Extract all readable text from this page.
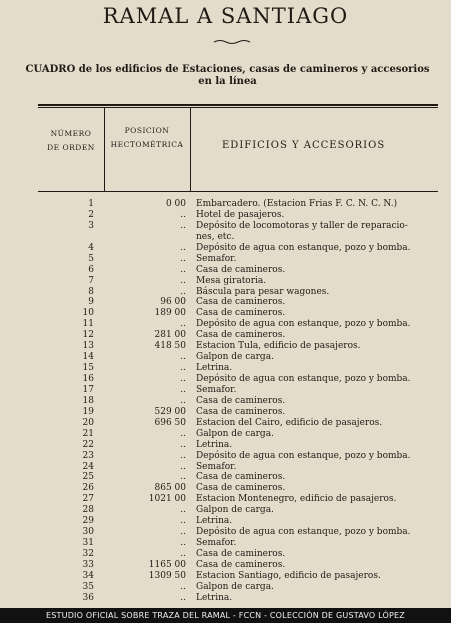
RAMAL A SANTIAGO
CUADRO de los edificios de Estaciones, casas de camineros y accesorios en la línea
NÚMERO
DE ORDEN
POSICION
HECTOMÉTRICA	EDIFICIOS Y ACCESORIOS
1	0 00 Embarcadero. (Estacion Frias F. C. N. C. N.)
2	.. Hotel de pasajeros.
3	.. Depósito de locomotoras y taller de reparacio-
nes, etc.
4	.. Depósito de agua con estanque, pozo y bomba.
5	.. Semafor.
6	.. Casa de camineros.
7	.. Mesa giratoria.
8	.. Báscula para pesar wagones.
9	96 00 Casa de camineros.
10	189 00 Casa de camineros.
11	.. Depósito de agua con estanque, pozo y bomba.
12	281 00 Casa de camineros.
13	418 50 Estacion Tula, edificio de pasajeros.
14	.. Galpon de carga.
15	.. Letrina.
16	.. Depósito de agua con estanque, pozo y bomba.
17	.. Semafor.
18	.. Casa de camineros.
19	529 00 Casa de camineros.
20	696 50 Estacion del Cairo, edificio de pasajeros.
21	.. Galpon de carga.
22	.. Letrina.
23	.. Depósito de agua con estanque, pozo y bomba.
24	.. Semafor.
25	.. Casa de camineros.
26	865 00 Casa de camineros.
27	1021 00 Estacion Montenegro, edificio de pasajeros.
28	.. Galpon de carga.
29	.. Letrina.
30	.. Depósito de agua con estanque, pozo y bomba.
31	.. Semafor.
32	.. Casa de camineros.
33	1165 00 Casa de camineros.
34	1309 50 Estacion Santiago, edificio de pasajeros.
35	.. Galpon de carga.
36	.. Letrina.
ESTUDIO OFICIAL SOBRE TRAZA DEL RAMAL - FCCN - COLECCIÓN DE GUSTAVO LÓPEZ
